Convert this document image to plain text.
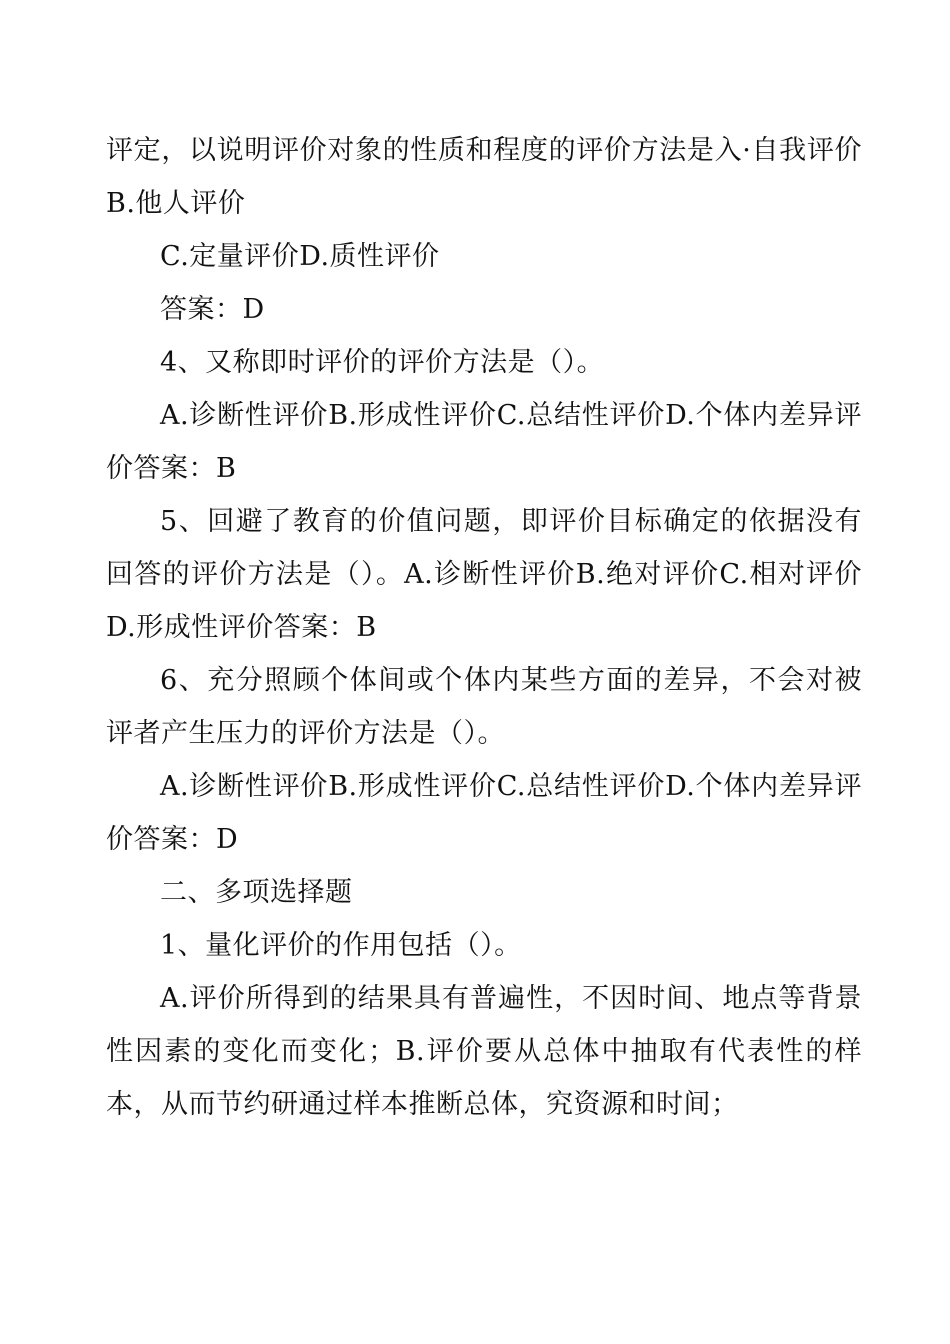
评定，以说明评价对象的性质和程度的评价方法是入·自我评价B.他人评价

C.定量评价D.质性评价

答案：D

4、又称即时评价的评价方法是（）。

A.诊断性评价B.形成性评价C.总结性评价D.个体内差异评价答案：B

5、回避了教育的价值问题，即评价目标确定的依据没有回答的评价方法是（）。A.诊断性评价B.绝对评价C.相对评价D.形成性评价答案：B

6、充分照顾个体间或个体内某些方面的差异，不会对被评者产生压力的评价方法是（）。

A.诊断性评价B.形成性评价C.总结性评价D.个体内差异评价答案：D

二、多项选择题

1、量化评价的作用包括（）。

A.评价所得到的结果具有普遍性，不因时间、地点等背景性因素的变化而变化；B.评价要从总体中抽取有代表性的样本，从而节约研通过样本推断总体，究资源和时间；
